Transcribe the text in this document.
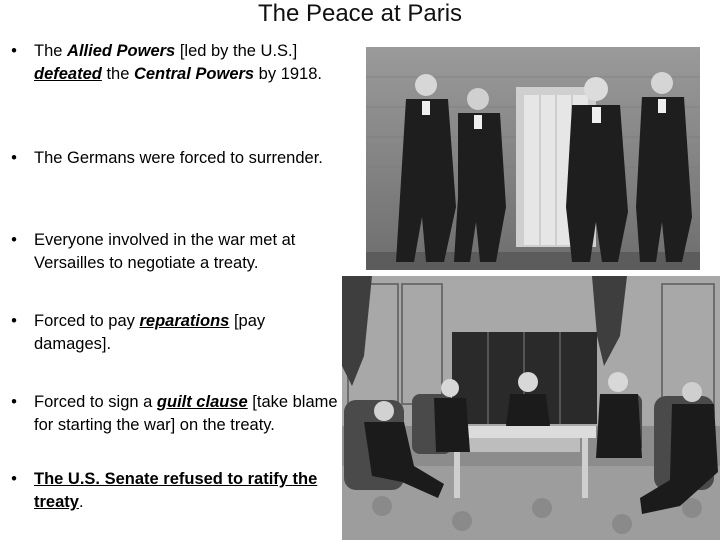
The Peace at Paris
•	The Allied Powers [led by the U.S.] defeated the Central Powers by 1918.
•	The Germans were forced to surrender.
•	Everyone involved in the war met at Versailles to negotiate a treaty.
•	Forced to pay reparations [pay damages].
•	Forced to sign a guilt clause [take blame for starting the war] on the treaty.
•	The U.S. Senate refused to ratify the treaty.
